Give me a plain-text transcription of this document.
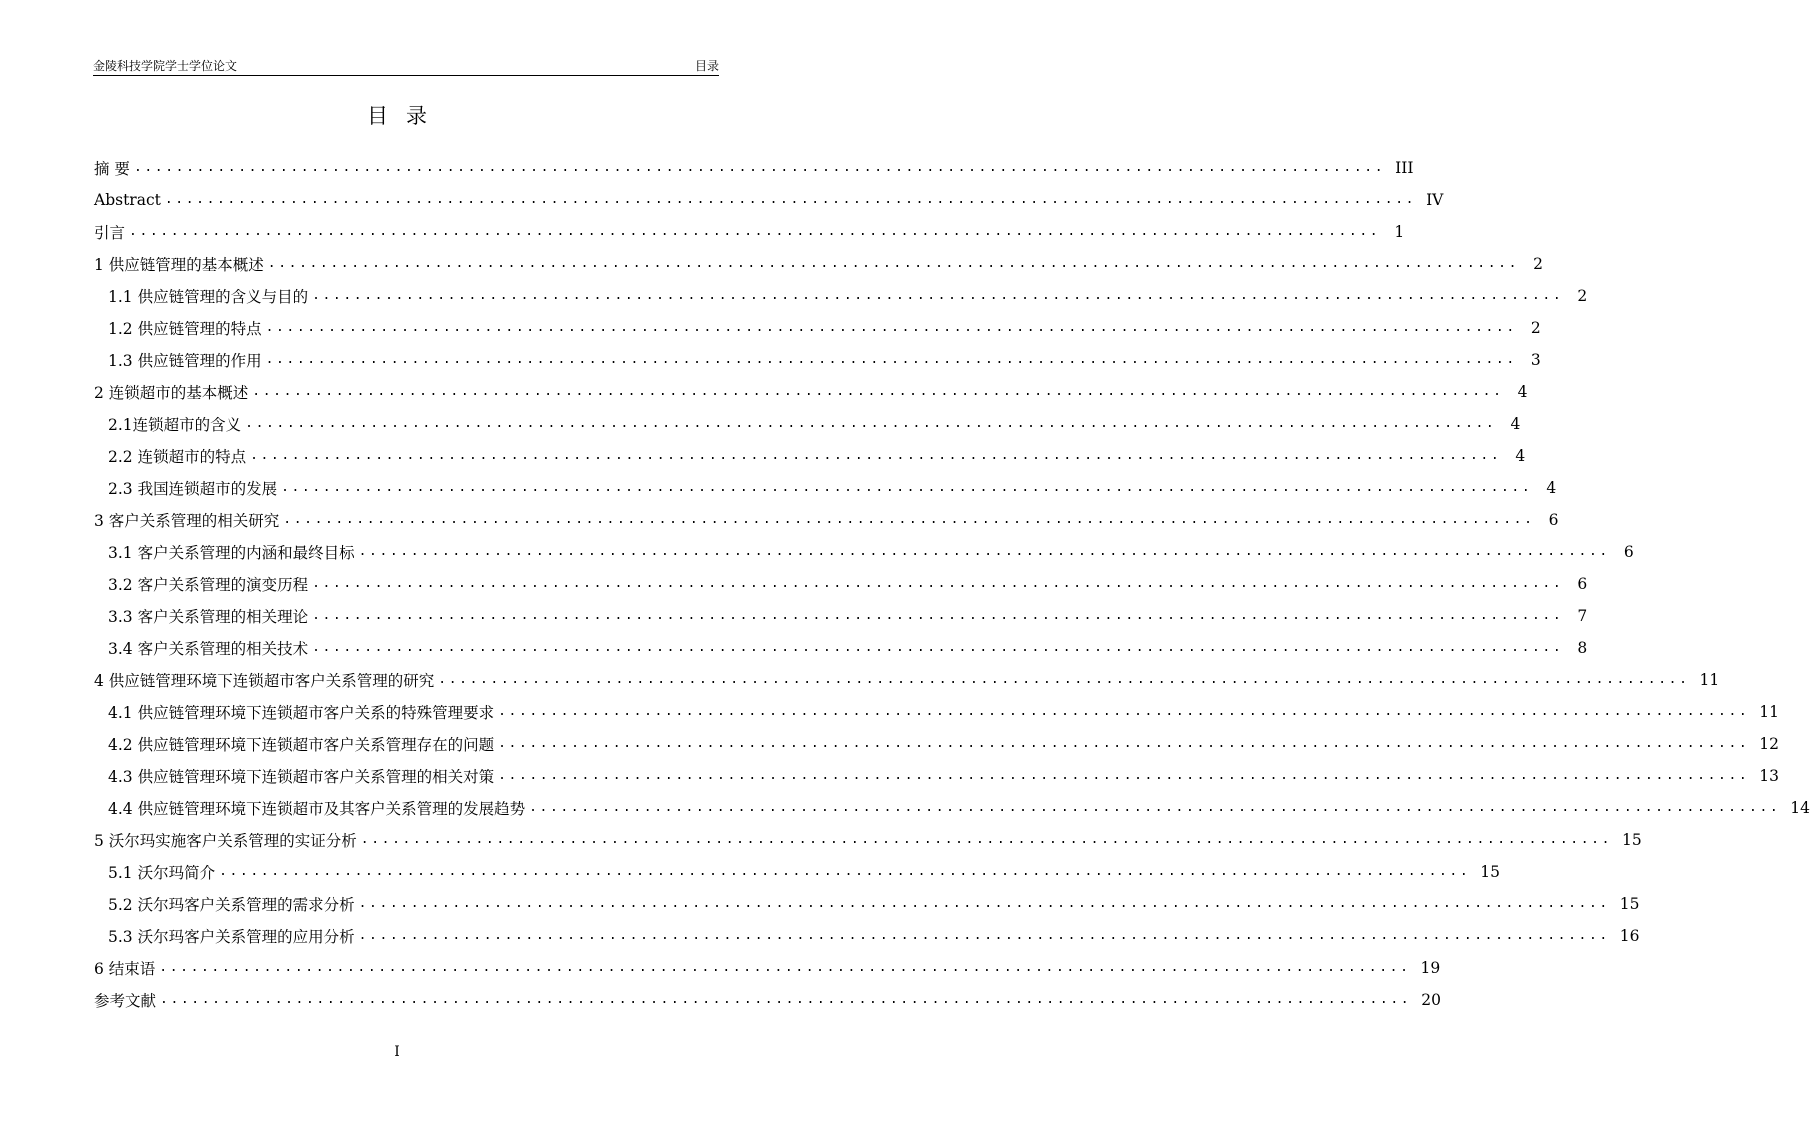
金陵科技学院学士学位论文	目录
目录
摘 要 ........................................................................................................................ III
Abstract ........................................................................................................................ IV
引言 ........................................................................................................................ 1
1 供应链管理的基本概述 ........................................................................................................................ 2
1.1 供应链管理的含义与目的 ........................................................................................................................ 2
1.2 供应链管理的特点 ........................................................................................................................ 2
1.3 供应链管理的作用 ........................................................................................................................ 3
2 连锁超市的基本概述 ........................................................................................................................ 4
2.1连锁超市的含义 ........................................................................................................................ 4
2.2 连锁超市的特点 ........................................................................................................................ 4
2.3 我国连锁超市的发展 ........................................................................................................................ 4
3 客户关系管理的相关研究 ........................................................................................................................ 6
3.1 客户关系管理的内涵和最终目标 ........................................................................................................................ 6
3.2 客户关系管理的演变历程 ........................................................................................................................ 6
3.3 客户关系管理的相关理论 ........................................................................................................................ 7
3.4 客户关系管理的相关技术 ........................................................................................................................ 8
4 供应链管理环境下连锁超市客户关系管理的研究 ........................................................................................................................ 11
4.1 供应链管理环境下连锁超市客户关系的特殊管理要求 ........................................................................................................................ 11
4.2 供应链管理环境下连锁超市客户关系管理存在的问题 ........................................................................................................................ 12
4.3 供应链管理环境下连锁超市客户关系管理的相关对策 ........................................................................................................................ 13
4.4 供应链管理环境下连锁超市及其客户关系管理的发展趋势 ........................................................................................................................ 14
5 沃尔玛实施客户关系管理的实证分析 ........................................................................................................................ 15
5.1 沃尔玛简介 ........................................................................................................................ 15
5.2 沃尔玛客户关系管理的需求分析 ........................................................................................................................ 15
5.3 沃尔玛客户关系管理的应用分析 ........................................................................................................................ 16
6 结束语 ........................................................................................................................ 19
参考文献 ........................................................................................................................ 20
I
